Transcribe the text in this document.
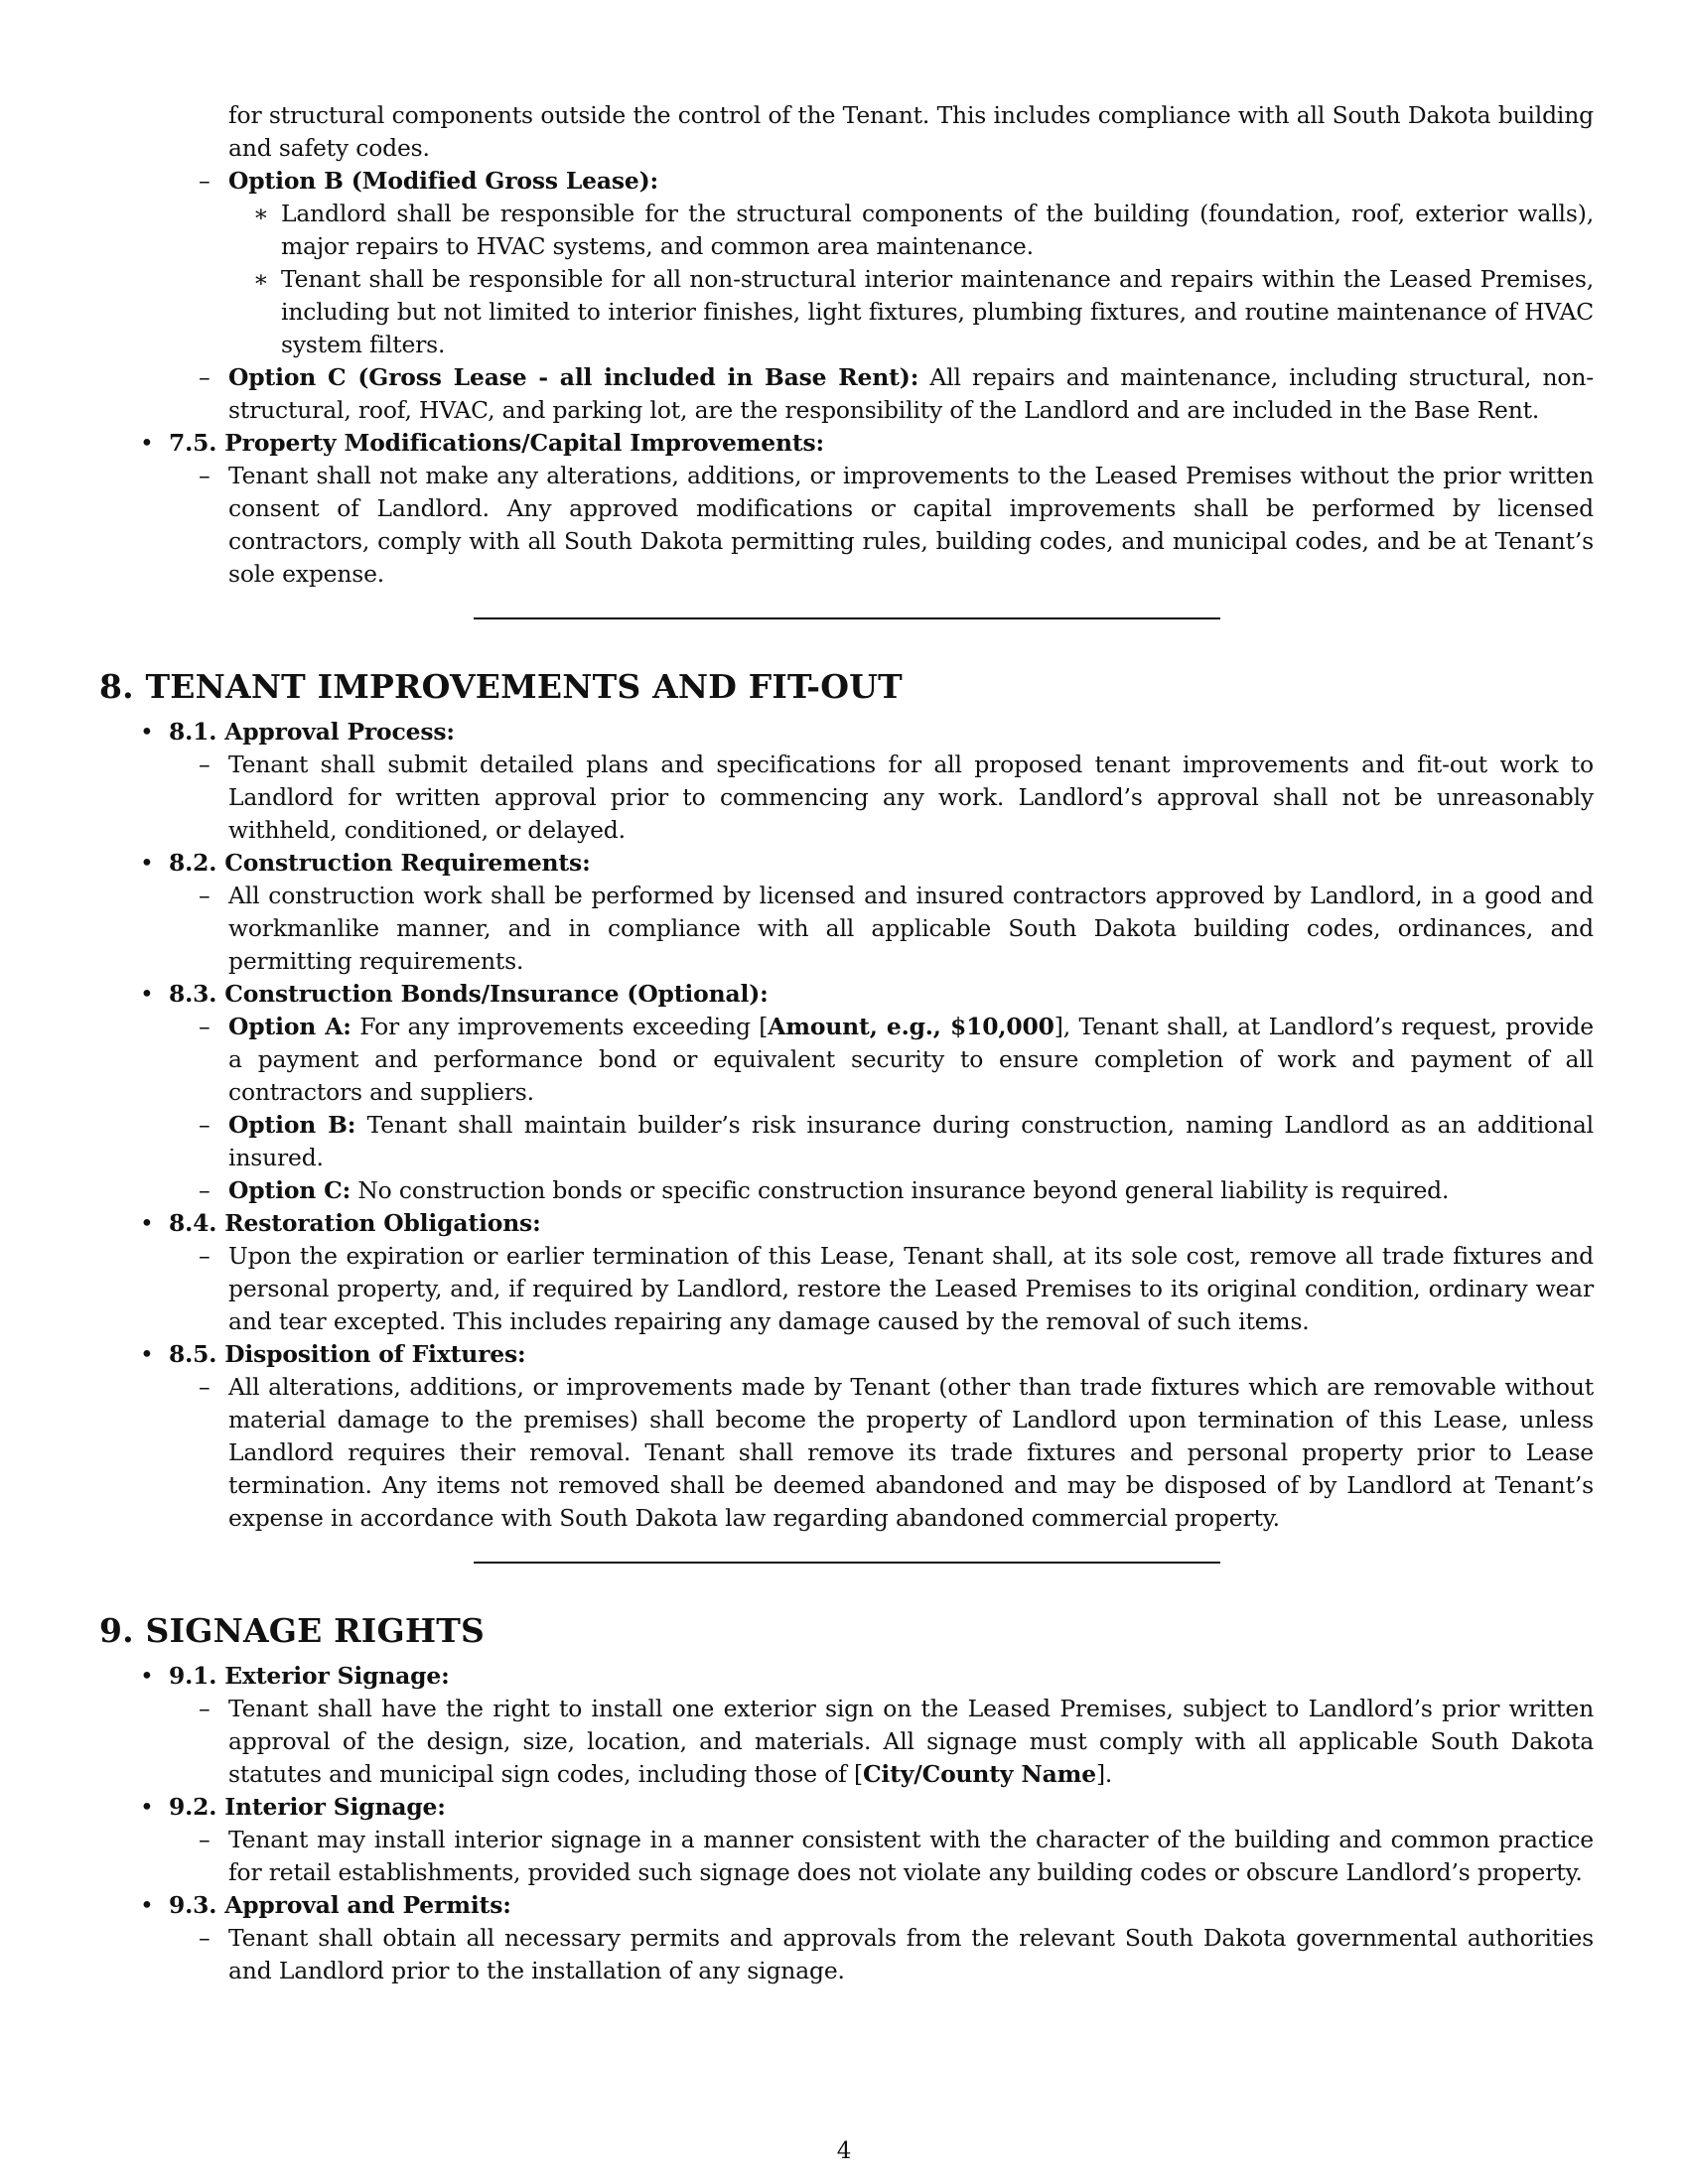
for structural components outside the control of the Tenant. This includes compliance with all South Dakota building and safety codes.
– Option B (Modified Gross Lease):
∗ Landlord shall be responsible for the structural components of the building (foundation, roof, exterior walls), major repairs to HVAC systems, and common area maintenance.
∗ Tenant shall be responsible for all non-structural interior maintenance and repairs within the Leased Premises, including but not limited to interior finishes, light fixtures, plumbing fixtures, and routine maintenance of HVAC system filters.
– Option C (Gross Lease - all included in Base Rent): All repairs and maintenance, including structural, non-structural, roof, HVAC, and parking lot, are the responsibility of the Landlord and are included in the Base Rent.
• 7.5. Property Modifications/Capital Improvements:
– Tenant shall not make any alterations, additions, or improvements to the Leased Premises without the prior written consent of Landlord. Any approved modifications or capital improvements shall be performed by licensed contractors, comply with all South Dakota permitting rules, building codes, and municipal codes, and be at Tenant’s sole expense.
8. TENANT IMPROVEMENTS AND FIT-OUT
• 8.1. Approval Process:
– Tenant shall submit detailed plans and specifications for all proposed tenant improvements and fit-out work to Landlord for written approval prior to commencing any work. Landlord’s approval shall not be unreasonably withheld, conditioned, or delayed.
• 8.2. Construction Requirements:
– All construction work shall be performed by licensed and insured contractors approved by Landlord, in a good and workmanlike manner, and in compliance with all applicable South Dakota building codes, ordinances, and permitting requirements.
• 8.3. Construction Bonds/Insurance (Optional):
– Option A: For any improvements exceeding [Amount, e.g., $10,000], Tenant shall, at Landlord’s request, provide a payment and performance bond or equivalent security to ensure completion of work and payment of all contractors and suppliers.
– Option B: Tenant shall maintain builder’s risk insurance during construction, naming Landlord as an additional insured.
– Option C: No construction bonds or specific construction insurance beyond general liability is required.
• 8.4. Restoration Obligations:
– Upon the expiration or earlier termination of this Lease, Tenant shall, at its sole cost, remove all trade fixtures and personal property, and, if required by Landlord, restore the Leased Premises to its original condition, ordinary wear and tear excepted. This includes repairing any damage caused by the removal of such items.
• 8.5. Disposition of Fixtures:
– All alterations, additions, or improvements made by Tenant (other than trade fixtures which are removable without material damage to the premises) shall become the property of Landlord upon termination of this Lease, unless Landlord requires their removal. Tenant shall remove its trade fixtures and personal property prior to Lease termination. Any items not removed shall be deemed abandoned and may be disposed of by Landlord at Tenant’s expense in accordance with South Dakota law regarding abandoned commercial property.
9. SIGNAGE RIGHTS
• 9.1. Exterior Signage:
– Tenant shall have the right to install one exterior sign on the Leased Premises, subject to Landlord’s prior written approval of the design, size, location, and materials. All signage must comply with all applicable South Dakota statutes and municipal sign codes, including those of [City/County Name].
• 9.2. Interior Signage:
– Tenant may install interior signage in a manner consistent with the character of the building and common practice for retail establishments, provided such signage does not violate any building codes or obscure Landlord’s property.
• 9.3. Approval and Permits:
– Tenant shall obtain all necessary permits and approvals from the relevant South Dakota governmental authorities and Landlord prior to the installation of any signage.
4
